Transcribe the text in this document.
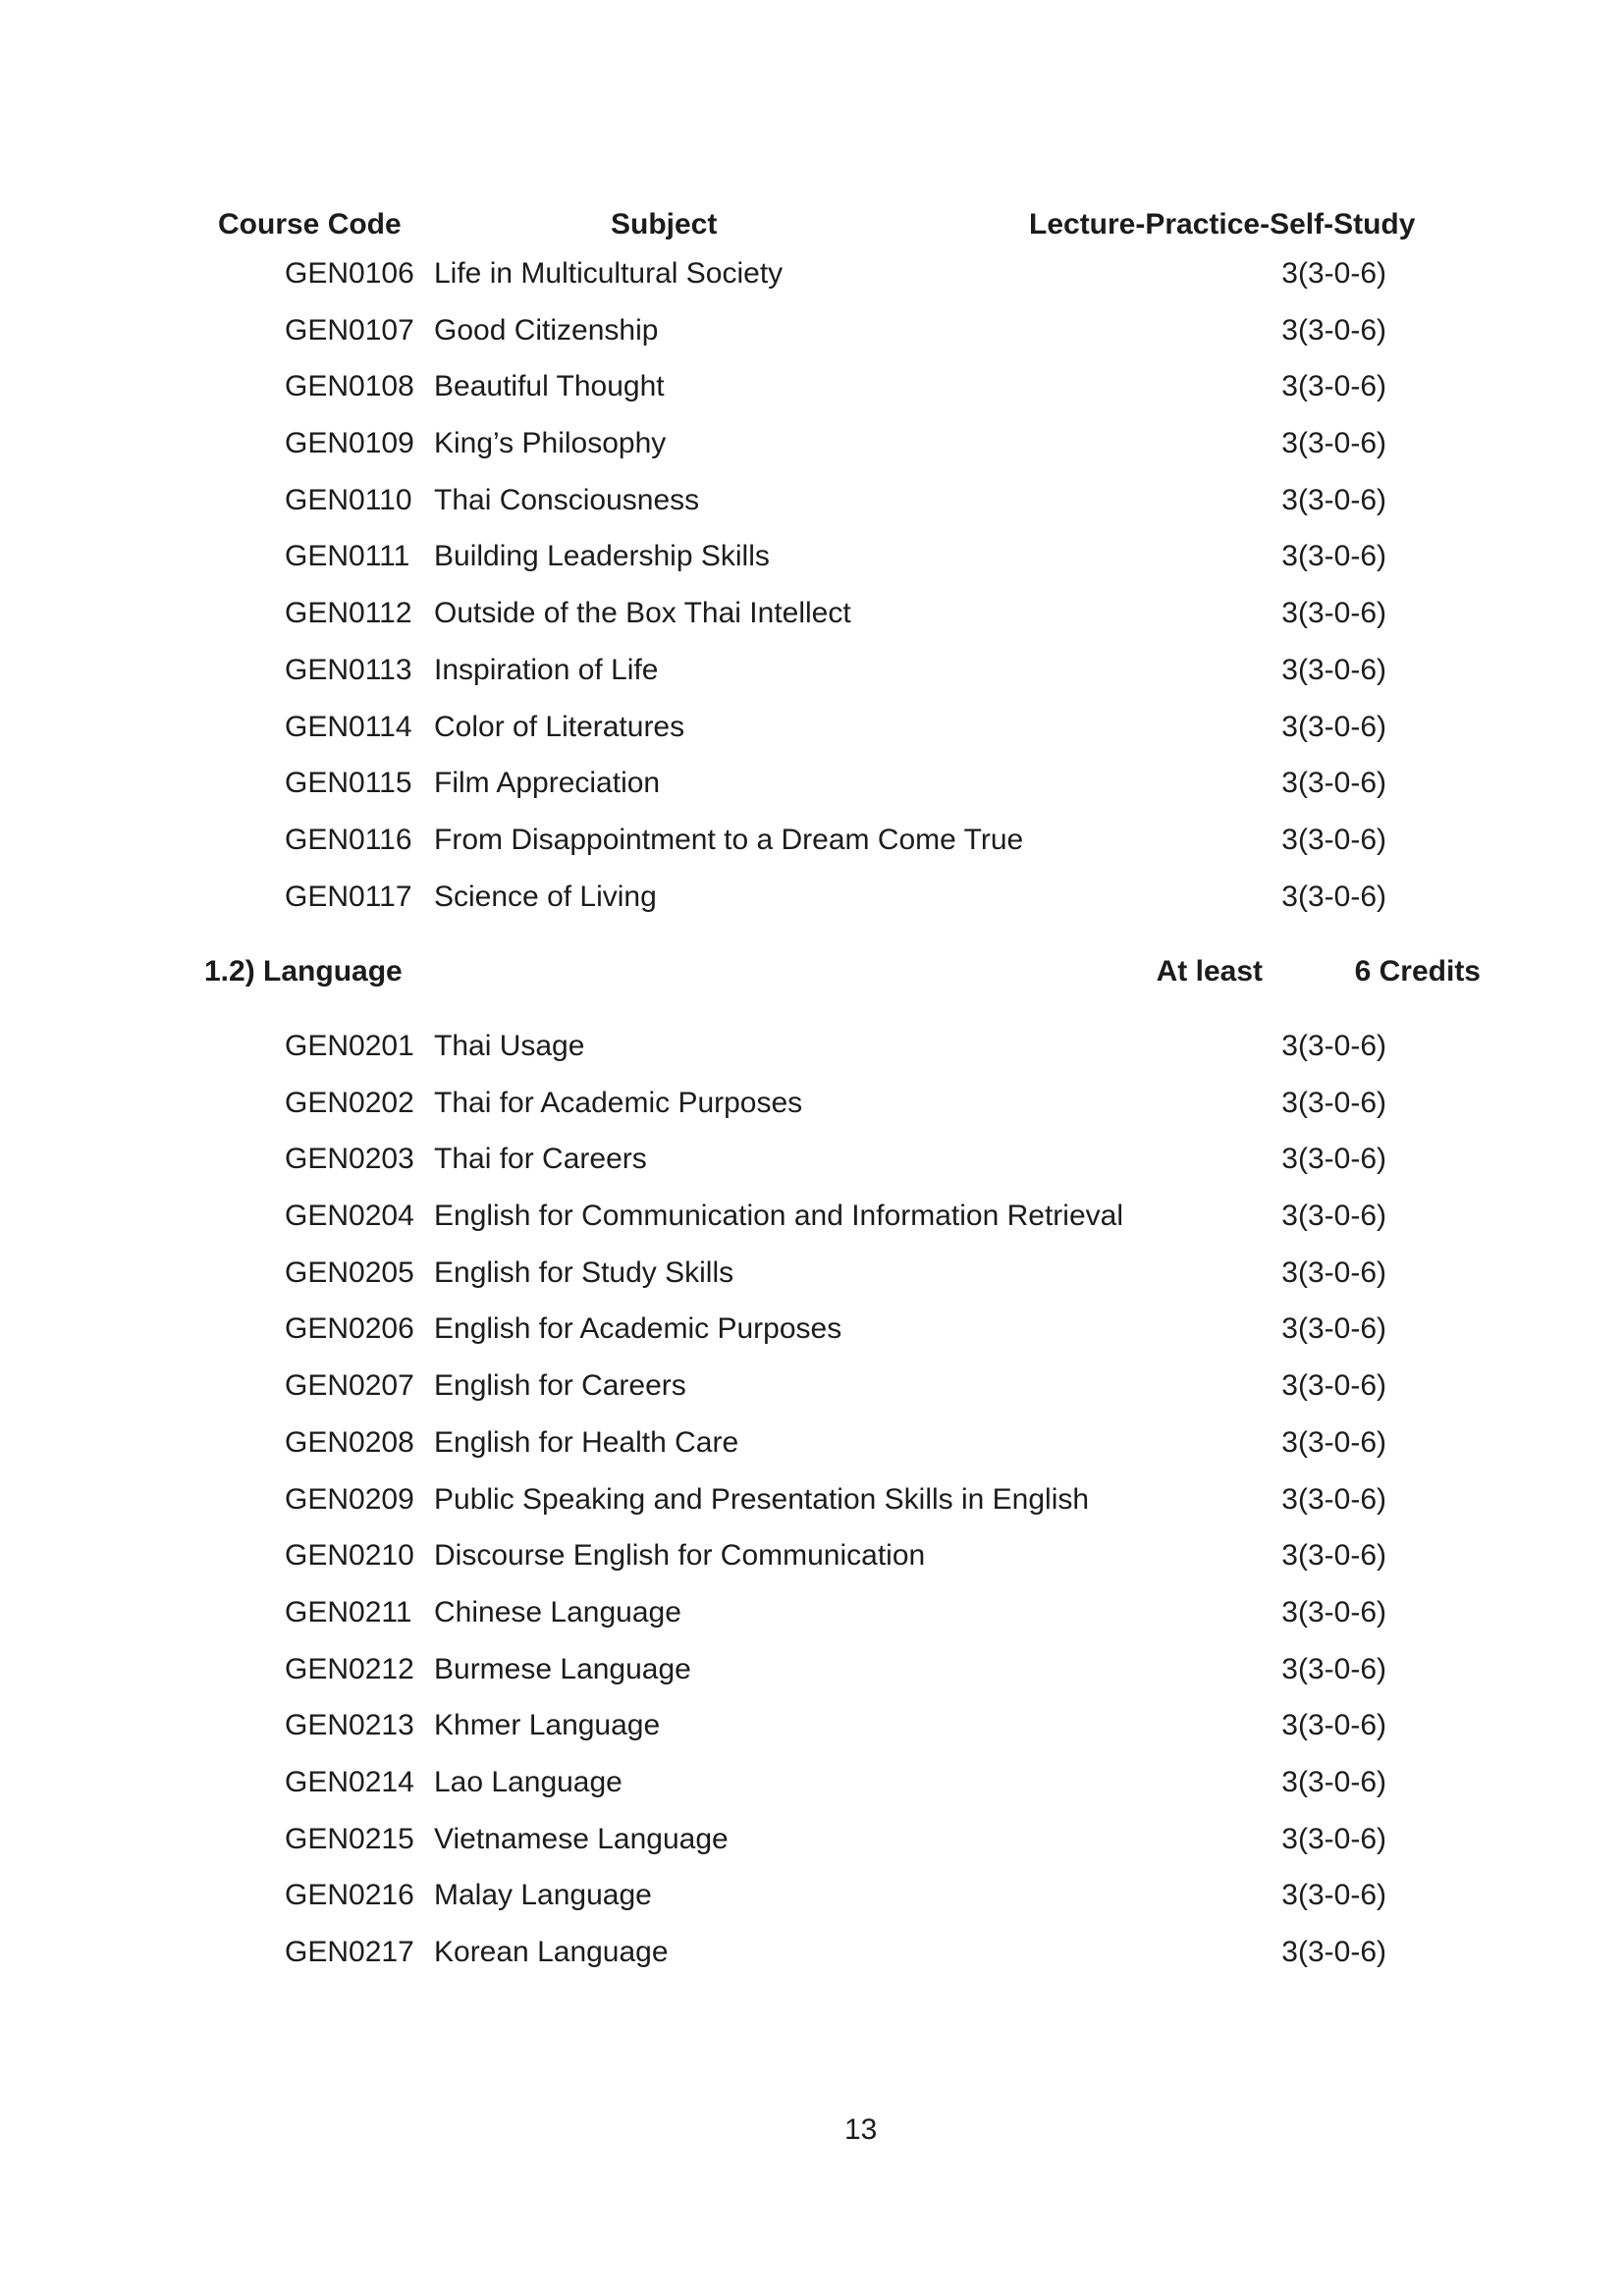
Course Code	Subject	Lecture-Practice-Self-Study
GEN0106 Life in Multicultural Society	3(3-0-6)
GEN0107 Good Citizenship	3(3-0-6)
GEN0108 Beautiful Thought	3(3-0-6)
GEN0109 King’s Philosophy	3(3-0-6)
GEN0110 Thai Consciousness	3(3-0-6)
GEN0111 Building Leadership Skills	3(3-0-6)
GEN0112 Outside of the Box Thai Intellect	3(3-0-6)
GEN0113 Inspiration of Life	3(3-0-6)
GEN0114 Color of Literatures	3(3-0-6)
GEN0115 Film Appreciation	3(3-0-6)
GEN0116 From Disappointment to a Dream Come True	3(3-0-6)
GEN0117 Science of Living	3(3-0-6)
1.2) Language	At least	6 Credits
GEN0201 Thai Usage	3(3-0-6)
GEN0202 Thai for Academic Purposes	3(3-0-6)
GEN0203 Thai for Careers	3(3-0-6)
GEN0204 English for Communication and Information Retrieval	3(3-0-6)
GEN0205 English for Study Skills	3(3-0-6)
GEN0206 English for Academic Purposes	3(3-0-6)
GEN0207 English for Careers	3(3-0-6)
GEN0208 English for Health Care	3(3-0-6)
GEN0209 Public Speaking and Presentation Skills in English	3(3-0-6)
GEN0210 Discourse English for Communication	3(3-0-6)
GEN0211 Chinese Language	3(3-0-6)
GEN0212 Burmese Language	3(3-0-6)
GEN0213 Khmer Language	3(3-0-6)
GEN0214 Lao Language	3(3-0-6)
GEN0215 Vietnamese Language	3(3-0-6)
GEN0216 Malay Language	3(3-0-6)
GEN0217 Korean Language	3(3-0-6)
13
